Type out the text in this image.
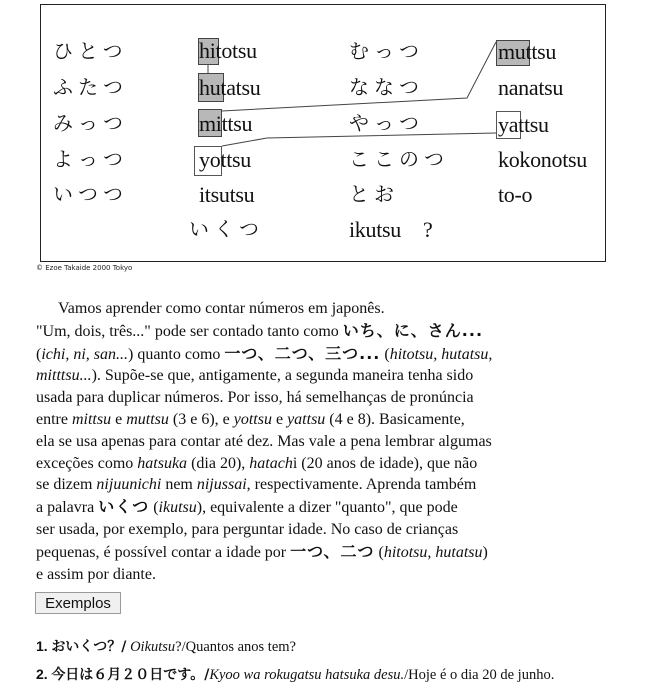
ひとつ	hitotsu	むっつ	muttsu
ふたつ	hutatsu	ななつ	nanatsu
みっつ	mittsu	やっつ	yattsu
よっつ	yottsu	ここのつ kokonotsu
いつつ	itsutsu	とお	to-o
いくつ	ikutsu ?
© Ezoe Takaide 2000 Tokyo

Vamos aprender como contar números em japonês.

"Um, dois, três..." pode ser contado tanto como いち、に、さん...

(ichi, ni, san...) quanto como 一つ、二つ、三つ... (hitotsu, hutatsu,

mitttsu...). Supõe-se que, antigamente, a segunda maneira tenha sido

usada para duplicar números. Por isso, há semelhanças de pronúncia

entre mittsu e muttsu (3 e 6), e yottsu e yattsu (4 e 8). Basicamente,

ela se usa apenas para contar até dez. Mas vale a pena lembrar algumas

exceções como hatsuka (dia 20), hatachi (20 anos de idade), que não

se dizem nijuunichi nem nijussai, respectivamente. Aprenda também

a palavra いくつ (ikutsu), equivalente a dizer "quanto", que pode

ser usada, por exemplo, para perguntar idade. No caso de crianças

pequenas, é possível contar a idade por 一つ、二つ (hitotsu, hutatsu)

e assim por diante.

Exemplos
1. おいくつ？/ Oikutsu?/Quantos anos tem?
2. 今日は６月２０日です。/Kyoo wa rokugatsu hatsuka desu./Hoje é o dia 20 de junho.
